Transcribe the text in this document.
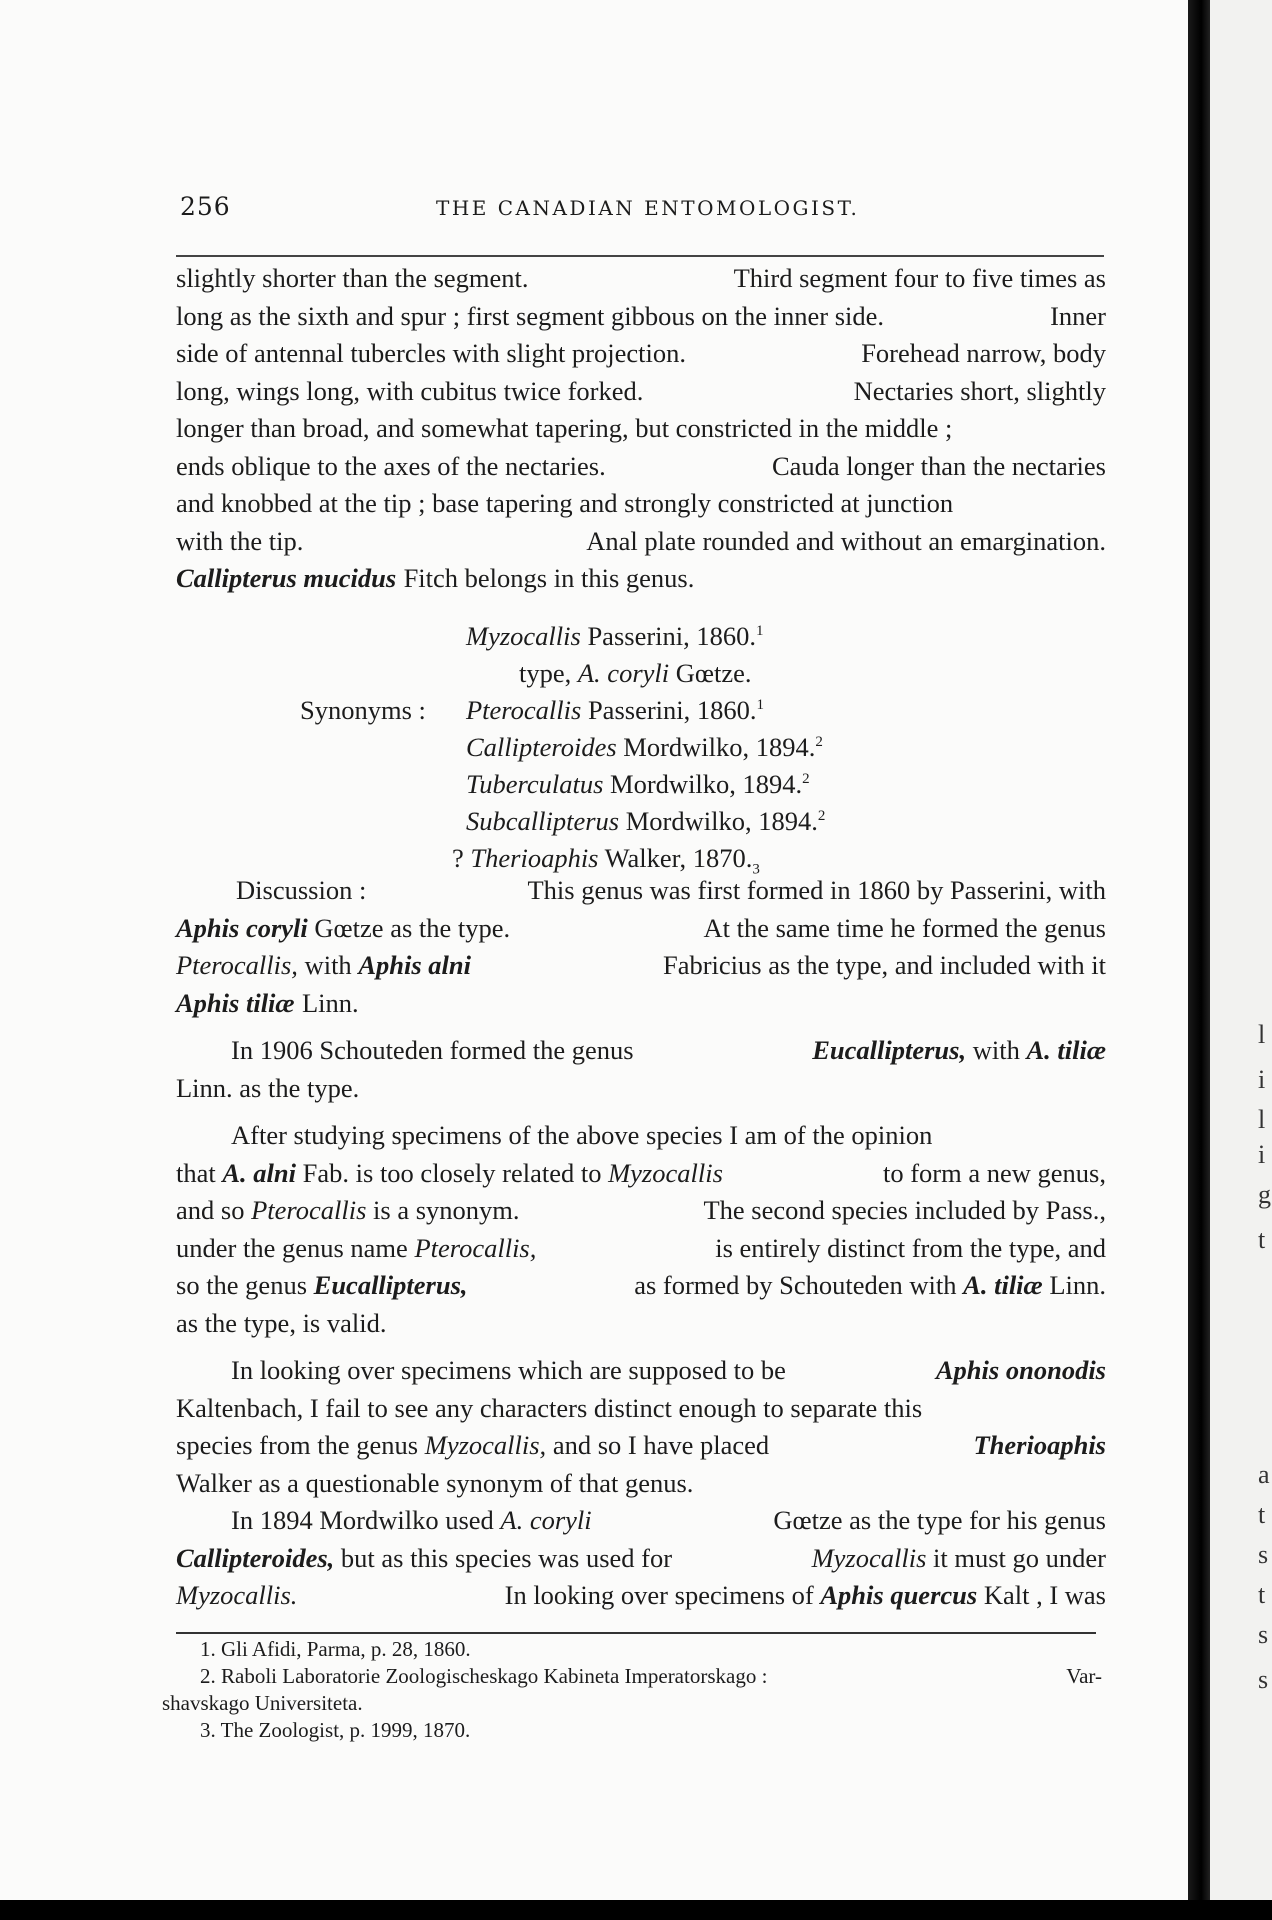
l
i
l
i
g
t
a
t
s
t
s
s
256	THE CANADIAN ENTOMOLOGIST.
slightly shorter than the segment.	Third segment four to five times as
long as the sixth and spur ; first segment gibbous on the inner side.	Inner
side of antennal tubercles with slight projection.	Forehead narrow, body
long, wings long, with cubitus twice forked.	Nectaries short, slightly
longer than broad, and somewhat tapering, but constricted in the middle ;
ends oblique to the axes of the nectaries.	Cauda longer than the nectaries
and knobbed at the tip ; base tapering and strongly constricted at junction
with the tip.	Anal plate rounded and without an emargination.
Callipterus mucidus Fitch belongs in this genus.
Myzocallis Passerini, 1860.$^1$
type, A. coryli Gœtze.
Synonyms : Pterocallis Passerini, 1860.$^1$
Callipteroides Mordwilko, 1894.$^2$
Tuberculatus Mordwilko, 1894.$^2$
Subcallipterus Mordwilko, 1894.$^2$
? Therioaphis Walker, $1870._3$
Discussion :	This genus was first formed in 1860 by Passerini, with
Aphis coryli Gœtze as the type.	At the same time he formed the genus
Pterocallis, with Aphis alni	Fabricius as the type, and included with it
Aphis tiliæ Linn.
In 1906 Schouteden formed the genus	Eucallipterus, with A. tiliæ
Linn. as the type.
After studying specimens of the above species I am of the opinion
that A. alni Fab. is too closely related to Myzocallis	to form a new genus,
and so Pterocallis is a synonym.	The second species included by Pass.,
under the genus name Pterocallis,	is entirely distinct from the type, and
so the genus Eucallipterus,	as formed by Schouteden with A. tiliæ Linn.
as the type, is valid.
In looking over specimens which are supposed to be	Aphis ononodis
Kaltenbach, I fail to see any characters distinct enough to separate this
species from the genus Myzocallis, and so I have placed	Therioaphis
Walker as a questionable synonym of that genus.
In 1894 Mordwilko used A. coryli	Gœtze as the type for his genus
Callipteroides, but as this species was used for	Myzocallis it must go under
Myzocallis.	In looking over specimens of Aphis quercus Kalt , I was
1. Gli Afidi, Parma, p. 28, 1860.
2. Raboli Laboratorie Zoologischeskago Kabineta Imperatorskago :	Var-
shavskago Universiteta.
3. The Zoologist, p. 1999, 1870.
